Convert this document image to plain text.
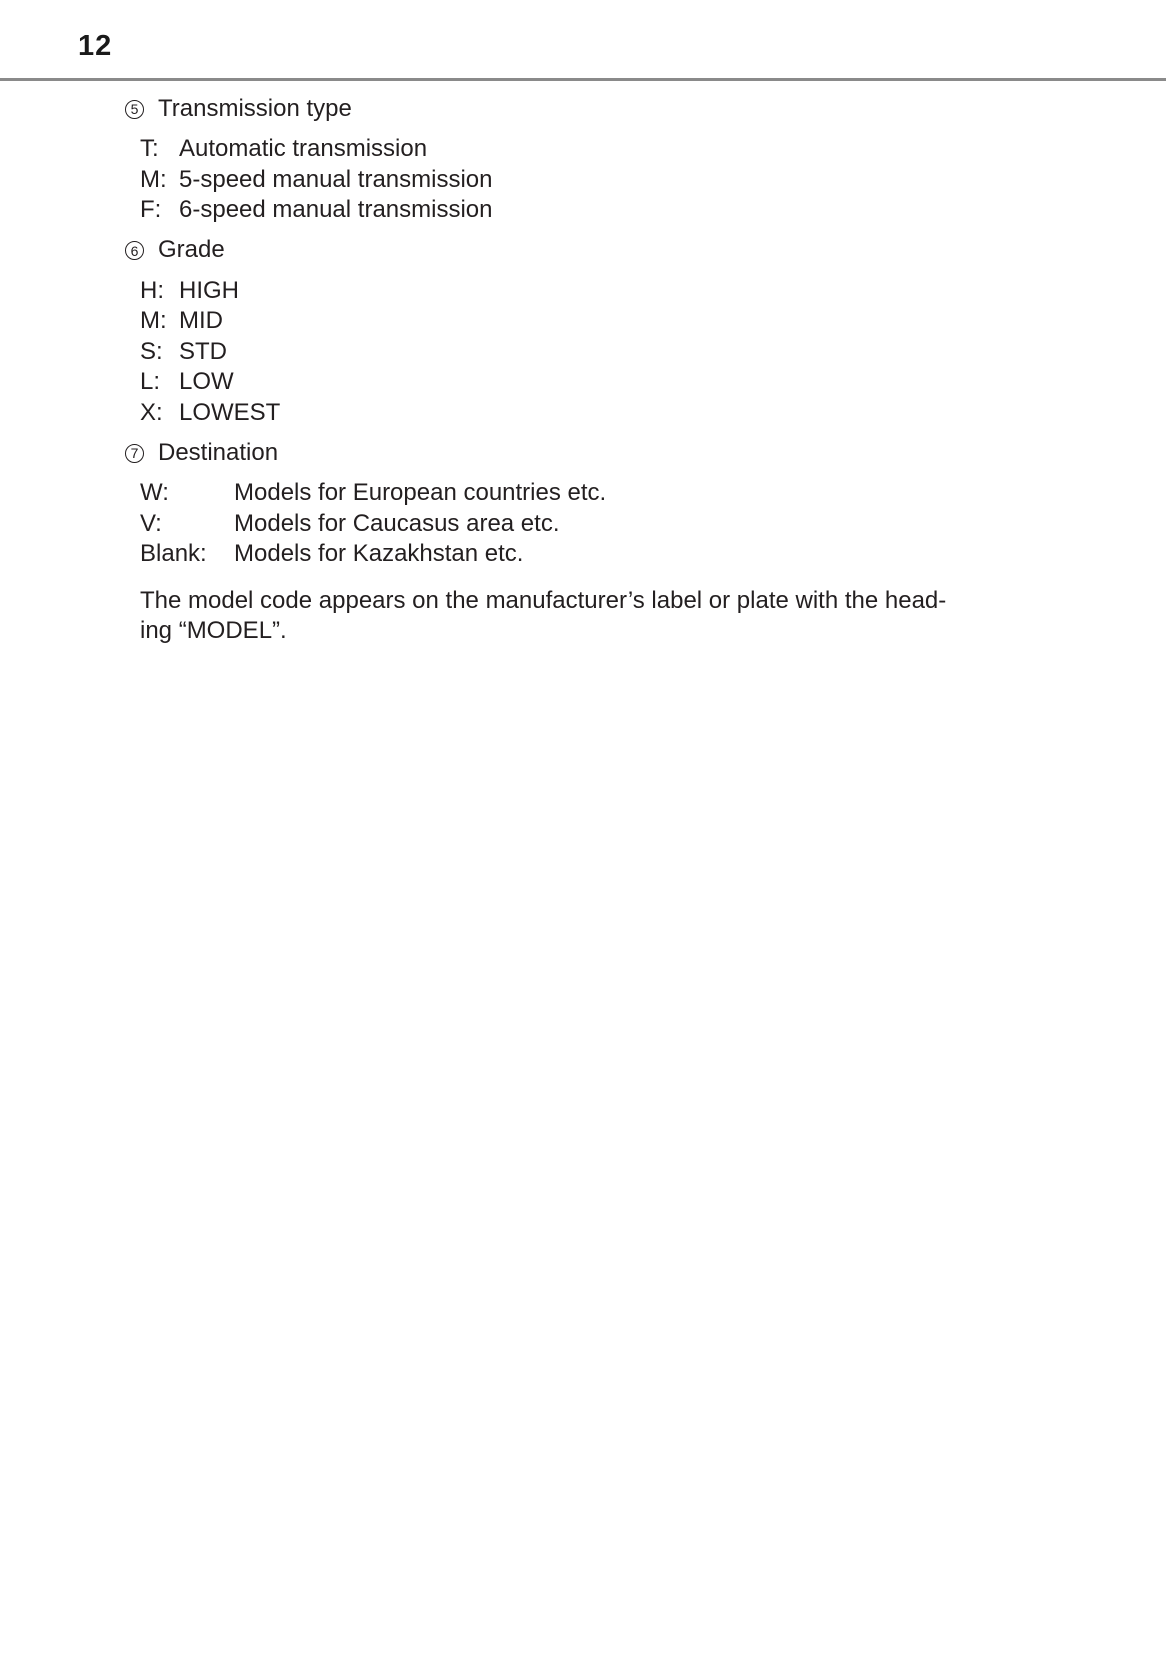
12
5 Transmission type
T: Automatic transmission
M: 5-speed manual transmission
F: 6-speed manual transmission
6 Grade
H: HIGH
M: MID
S: STD
L: LOW
X: LOWEST
7 Destination
W:	Models for European countries etc.
V:	Models for Caucasus area etc.
Blank:	Models for Kazakhstan etc.
The model code appears on the manufacturer’s label or plate with the head-
ing “MODEL”.
